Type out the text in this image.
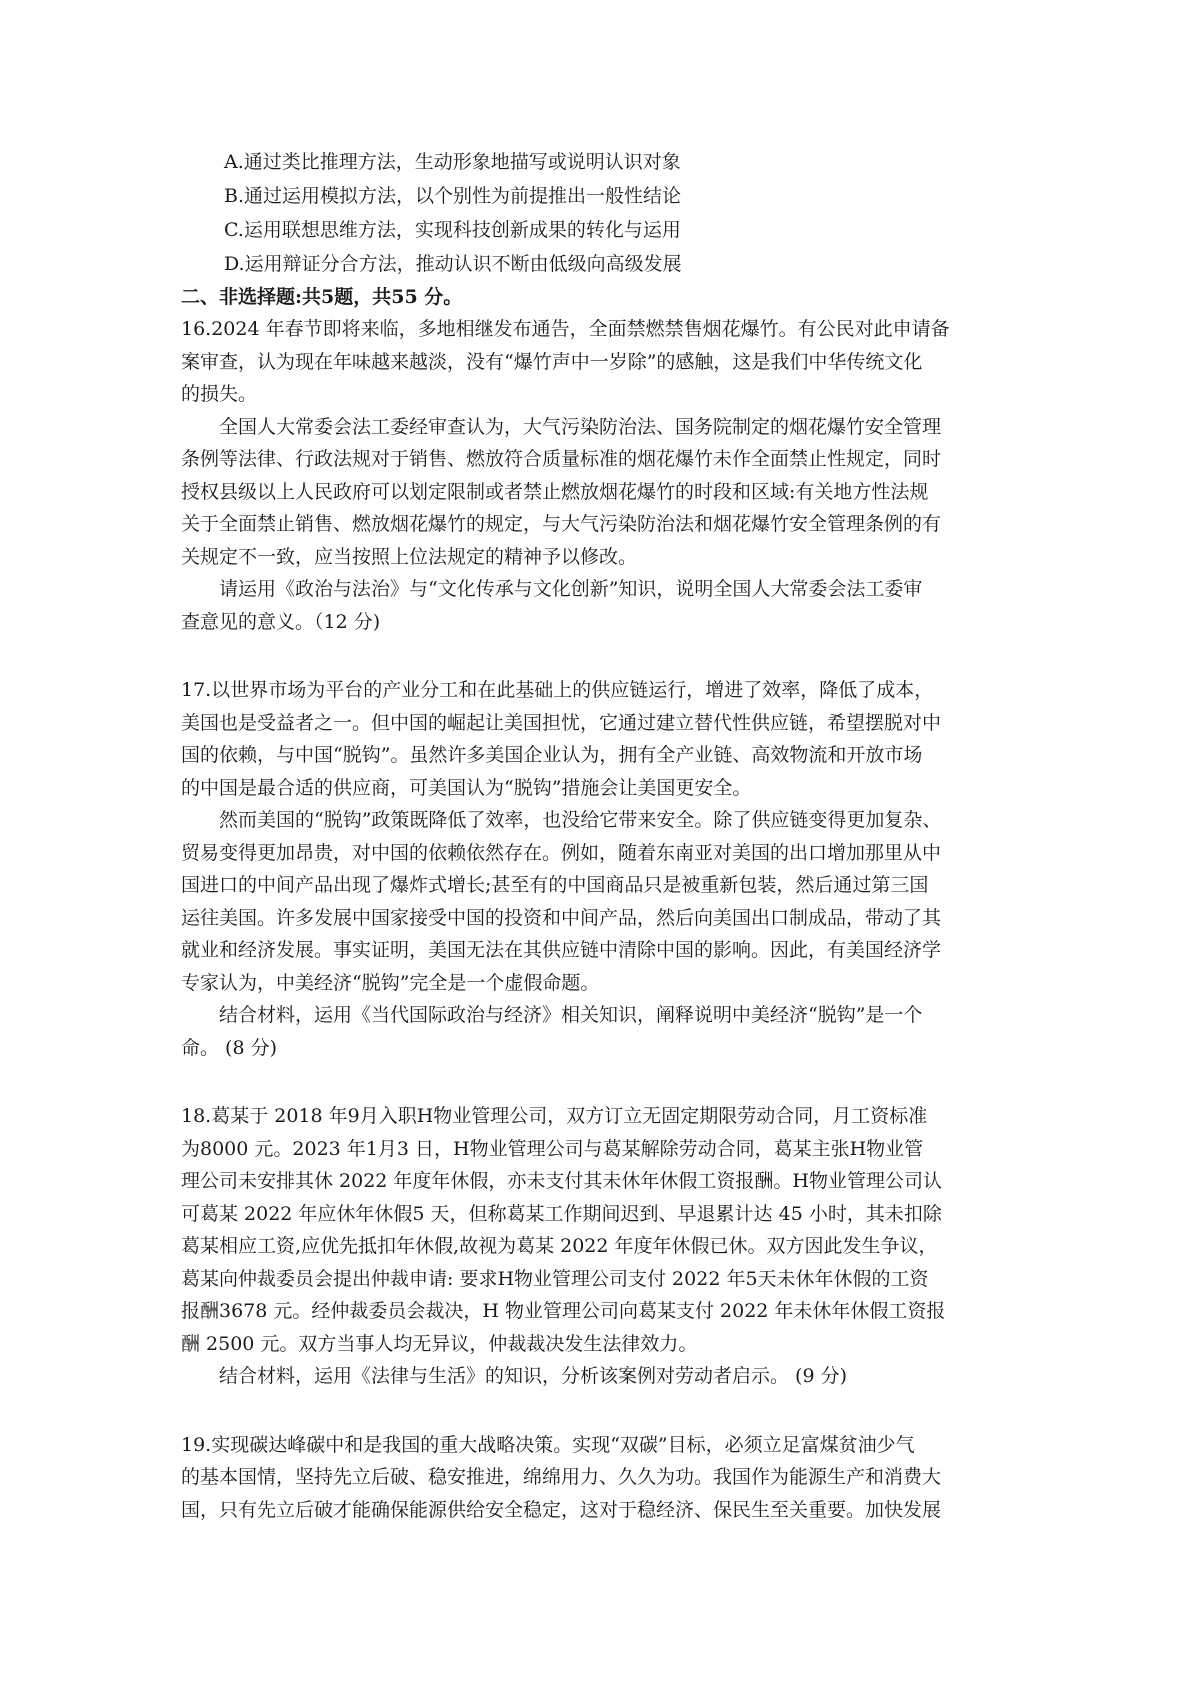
A.通过类比推理方法，生动形象地描写或说明认识对象
B.通过运用模拟方法，以个别性为前提推出一般性结论
C.运用联想思维方法，实现科技创新成果的转化与运用
D.运用辩证分合方法，推动认识不断由低级向高级发展
二、非选择题:共5题，共55 分。
16.2024 年春节即将来临，多地相继发布通告，全面禁燃禁售烟花爆竹。有公民对此申请备
案审查，认为现在年味越来越淡，没有“爆竹声中一岁除”的感触，这是我们中华传统文化
的损失。
全国人大常委会法工委经审查认为，大气污染防治法、国务院制定的烟花爆竹安全管理
条例等法律、行政法规对于销售、燃放符合质量标准的烟花爆竹未作全面禁止性规定，同时
授权县级以上人民政府可以划定限制或者禁止燃放烟花爆竹的时段和区域:有关地方性法规
关于全面禁止销售、燃放烟花爆竹的规定，与大气污染防治法和烟花爆竹安全管理条例的有
关规定不一致，应当按照上位法规定的精神予以修改。
请运用《政治与法治》与“文化传承与文化创新”知识，说明全国人大常委会法工委审
查意见的意义。（12 分)
17.以世界市场为平台的产业分工和在此基础上的供应链运行，增进了效率，降低了成本，
美国也是受益者之一。但中国的崛起让美国担忧，它通过建立替代性供应链，希望摆脱对中
国的依赖，与中国“脱钩”。虽然许多美国企业认为，拥有全产业链、高效物流和开放市场
的中国是最合适的供应商，可美国认为“脱钩”措施会让美国更安全。
然而美国的“脱钩”政策既降低了效率，也没给它带来安全。除了供应链变得更加复杂、
贸易变得更加昂贵，对中国的依赖依然存在。例如，随着东南亚对美国的出口增加那里从中
国进口的中间产品出现了爆炸式增长;甚至有的中国商品只是被重新包装，然后通过第三国
运往美国。许多发展中国家接受中国的投资和中间产品，然后向美国出口制成品，带动了其
就业和经济发展。事实证明，美国无法在其供应链中清除中国的影响。因此，有美国经济学
专家认为，中美经济“脱钩”完全是一个虚假命题。
结合材料，运用《当代国际政治与经济》相关知识，阐释说明中美经济“脱钩”是一个
命。 (8 分)
18.葛某于 2018 年9月入职H物业管理公司，双方订立无固定期限劳动合同，月工资标准
为8000 元。2023 年1月3 日，H物业管理公司与葛某解除劳动合同，葛某主张H物业管
理公司未安排其休 2022 年度年休假，亦未支付其未休年休假工资报酬。H物业管理公司认
可葛某 2022 年应休年休假5 天，但称葛某工作期间迟到、早退累计达 45 小时，其未扣除
葛某相应工资,应优先抵扣年休假,故视为葛某 2022 年度年休假已休。双方因此发生争议，
葛某向仲裁委员会提出仲裁申请: 要求H物业管理公司支付 2022 年5天未休年休假的工资
报酬3678 元。经仲裁委员会裁决，H 物业管理公司向葛某支付 2022 年未休年休假工资报
酬 2500 元。双方当事人均无异议，仲裁裁决发生法律效力。
结合材料，运用《法律与生活》的知识，分析该案例对劳动者启示。 (9 分)
19.实现碳达峰碳中和是我国的重大战略决策。实现“双碳”目标，必须立足富煤贫油少气
的基本国情，坚持先立后破、稳安推进，绵绵用力、久久为功。我国作为能源生产和消费大
国，只有先立后破才能确保能源供给安全稳定，这对于稳经济、保民生至关重要。加快发展
